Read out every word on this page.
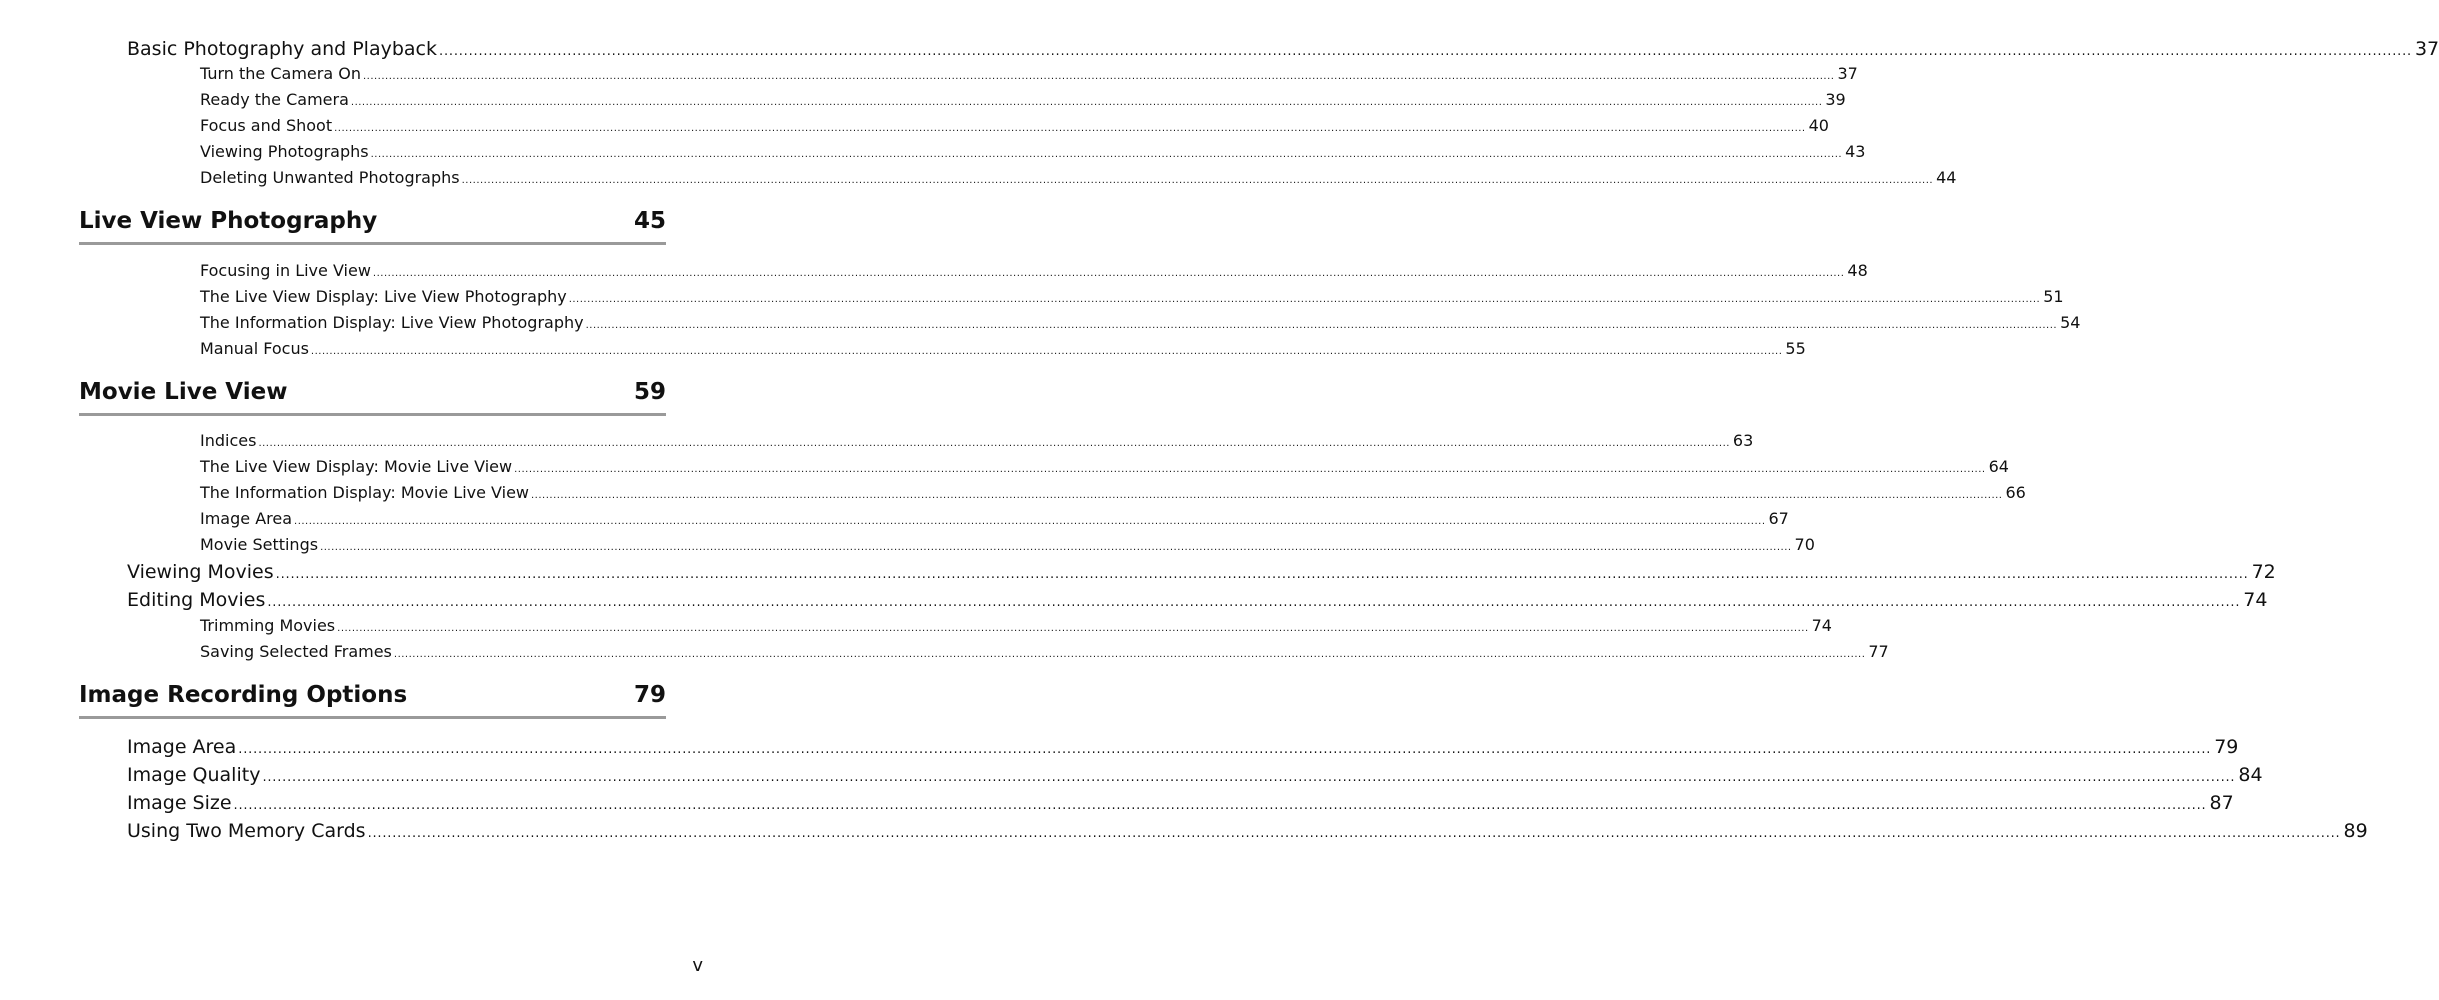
Basic Photography and Playback ................................................................................................................................................................................................................................................................................................................................................................................................................ 37
Turn the Camera On ................................................................................................................................................................................................................................................................................................................................................................................................................ 37
Ready the Camera ................................................................................................................................................................................................................................................................................................................................................................................................................ 39
Focus and Shoot ................................................................................................................................................................................................................................................................................................................................................................................................................ 40
Viewing Photographs ................................................................................................................................................................................................................................................................................................................................................................................................................ 43
Deleting Unwanted Photographs ................................................................................................................................................................................................................................................................................................................................................................................................................ 44
Live View Photography	45
Focusing in Live View ................................................................................................................................................................................................................................................................................................................................................................................................................ 48
The Live View Display: Live View Photography ................................................................................................................................................................................................................................................................................................................................................................................................................ 51
The Information Display: Live View Photography ................................................................................................................................................................................................................................................................................................................................................................................................................ 54
Manual Focus ................................................................................................................................................................................................................................................................................................................................................................................................................ 55
Movie Live View	59
Indices ................................................................................................................................................................................................................................................................................................................................................................................................................ 63
The Live View Display: Movie Live View ................................................................................................................................................................................................................................................................................................................................................................................................................ 64
The Information Display: Movie Live View ................................................................................................................................................................................................................................................................................................................................................................................................................ 66
Image Area ................................................................................................................................................................................................................................................................................................................................................................................................................ 67
Movie Settings ................................................................................................................................................................................................................................................................................................................................................................................................................ 70
Viewing Movies ................................................................................................................................................................................................................................................................................................................................................................................................................ 72
Editing Movies ................................................................................................................................................................................................................................................................................................................................................................................................................ 74
Trimming Movies ................................................................................................................................................................................................................................................................................................................................................................................................................ 74
Saving Selected Frames ................................................................................................................................................................................................................................................................................................................................................................................................................ 77
Image Recording Options	79
Image Area ................................................................................................................................................................................................................................................................................................................................................................................................................ 79
Image Quality ................................................................................................................................................................................................................................................................................................................................................................................................................ 84
Image Size ................................................................................................................................................................................................................................................................................................................................................................................................................ 87
Using Two Memory Cards ................................................................................................................................................................................................................................................................................................................................................................................................................ 89
v
